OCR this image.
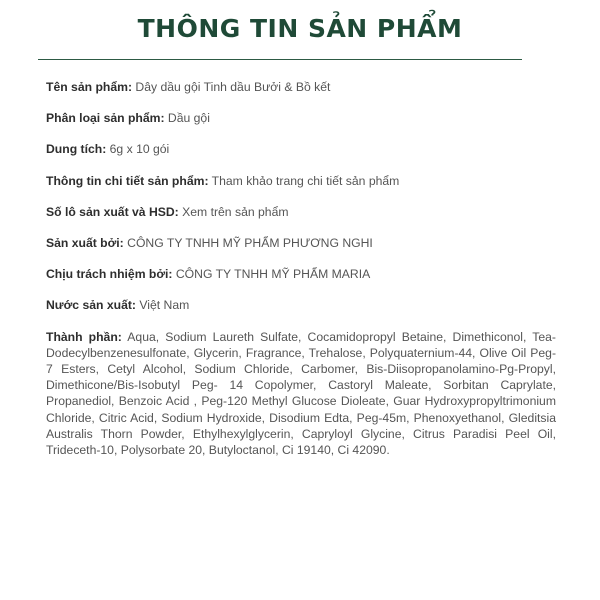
THÔNG TIN SẢN PHẨM
Tên sản phẩm: Dây dầu gội Tinh dầu Bưởi & Bồ kết
Phân loại sản phẩm: Dầu gội
Dung tích: 6g x 10 gói
Thông tin chi tiết sản phẩm: Tham khảo trang chi tiết sản phẩm
Số lô sản xuất và HSD: Xem trên sản phẩm
Sản xuất bởi: CÔNG TY TNHH MỸ PHẨM PHƯƠNG NGHI
Chịu trách nhiệm bởi: CÔNG TY TNHH MỸ PHẨM MARIA
Nước sản xuất: Việt Nam
Thành phần: Aqua, Sodium Laureth Sulfate, Cocamidopropyl Betaine, Dimethiconol, Tea-Dodecylbenzenesulfonate, Glycerin, Fragrance, Trehalose, Polyquaternium-44, Olive Oil Peg-7 Esters, Cetyl Alcohol, Sodium Chloride, Carbomer, Bis-Diisopropanolamino-Pg-Propyl, Dimethicone/Bis-Isobutyl Peg- 14 Copolymer, Castoryl Maleate, Sorbitan Caprylate, Propanediol, Benzoic Acid , Peg-120 Methyl Glucose Dioleate, Guar Hydroxypropyltrimonium Chloride, Citric Acid, Sodium Hydroxide, Disodium Edta, Peg-45m, Phenoxyethanol, Gleditsia Australis Thorn Powder, Ethylhexylglycerin, Capryloyl Glycine, Citrus Paradisi Peel Oil, Trideceth-10, Polysorbate 20, Butyloctanol, Ci 19140, Ci 42090.
